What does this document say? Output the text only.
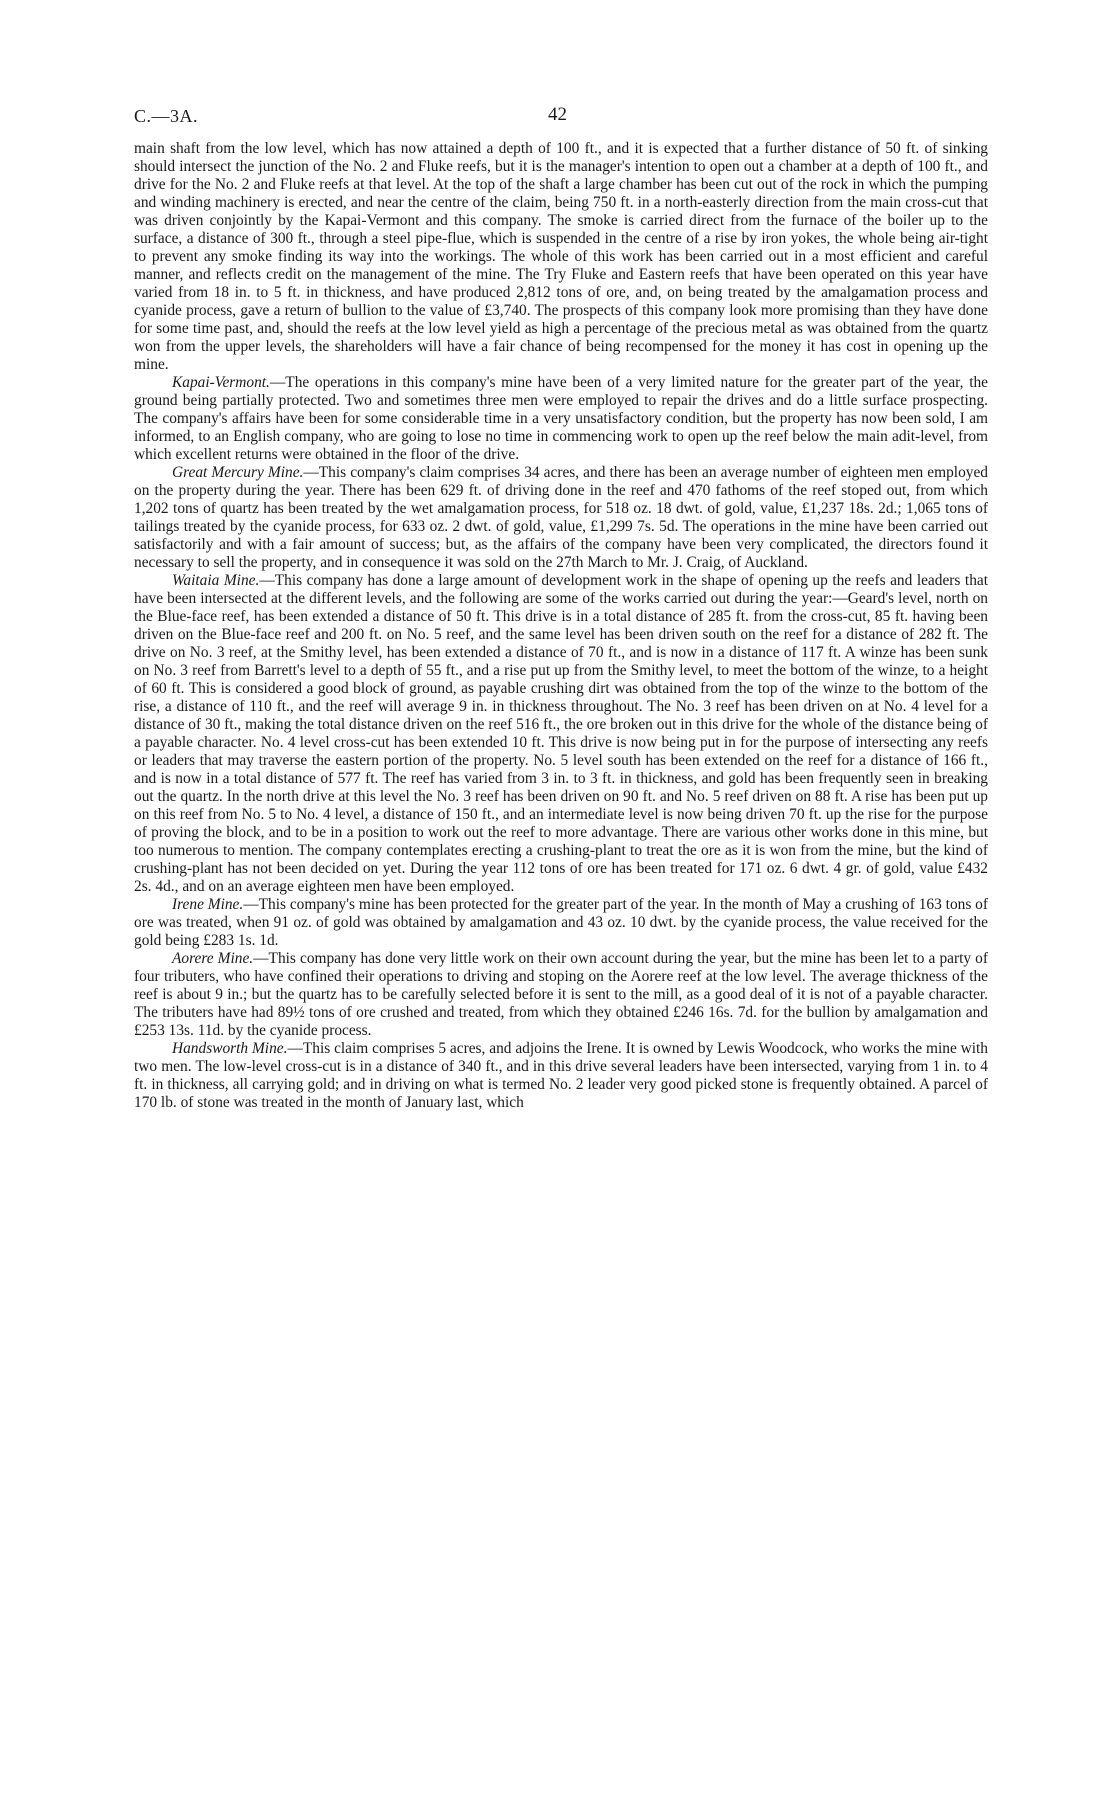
C.—3A.	42

main shaft from the low level, which has now attained a depth of 100 ft., and it is expected that a further distance of 50 ft. of sinking should intersect the junction of the No. 2 and Fluke reefs, but it is the manager's intention to open out a chamber at a depth of 100 ft., and drive for the No. 2 and Fluke reefs at that level. At the top of the shaft a large chamber has been cut out of the rock in which the pumping and winding machinery is erected, and near the centre of the claim, being 750 ft. in a north-easterly direction from the main cross-cut that was driven conjointly by the Kapai-Vermont and this company. The smoke is carried direct from the furnace of the boiler up to the surface, a distance of 300 ft., through a steel pipe-flue, which is suspended in the centre of a rise by iron yokes, the whole being air-tight to prevent any smoke finding its way into the workings. The whole of this work has been carried out in a most efficient and careful manner, and reflects credit on the management of the mine. The Try Fluke and Eastern reefs that have been operated on this year have varied from 18 in. to 5 ft. in thickness, and have produced 2,812 tons of ore, and, on being treated by the amalgamation process and cyanide process, gave a return of bullion to the value of £3,740. The prospects of this company look more promising than they have done for some time past, and, should the reefs at the low level yield as high a percentage of the precious metal as was obtained from the quartz won from the upper levels, the shareholders will have a fair chance of being recompensed for the money it has cost in opening up the mine.

Kapai-Vermont.—The operations in this company's mine have been of a very limited nature for the greater part of the year, the ground being partially protected. Two and sometimes three men were employed to repair the drives and do a little surface prospecting. The company's affairs have been for some considerable time in a very unsatisfactory condition, but the property has now been sold, I am informed, to an English company, who are going to lose no time in commencing work to open up the reef below the main adit-level, from which excellent returns were obtained in the floor of the drive.

Great Mercury Mine.—This company's claim comprises 34 acres, and there has been an average number of eighteen men employed on the property during the year. There has been 629 ft. of driving done in the reef and 470 fathoms of the reef stoped out, from which 1,202 tons of quartz has been treated by the wet amalgamation process, for 518 oz. 18 dwt. of gold, value, £1,237 18s. 2d.; 1,065 tons of tailings treated by the cyanide process, for 633 oz. 2 dwt. of gold, value, £1,299 7s. 5d. The operations in the mine have been carried out satisfactorily and with a fair amount of success; but, as the affairs of the company have been very complicated, the directors found it necessary to sell the property, and in consequence it was sold on the 27th March to Mr. J. Craig, of Auckland.

Waitaia Mine.—This company has done a large amount of development work in the shape of opening up the reefs and leaders that have been intersected at the different levels, and the following are some of the works carried out during the year:—Geard's level, north on the Blue-face reef, has been extended a distance of 50 ft. This drive is in a total distance of 285 ft. from the cross-cut, 85 ft. having been driven on the Blue-face reef and 200 ft. on No. 5 reef, and the same level has been driven south on the reef for a distance of 282 ft. The drive on No. 3 reef, at the Smithy level, has been extended a distance of 70 ft., and is now in a distance of 117 ft. A winze has been sunk on No. 3 reef from Barrett's level to a depth of 55 ft., and a rise put up from the Smithy level, to meet the bottom of the winze, to a height of 60 ft. This is considered a good block of ground, as payable crushing dirt was obtained from the top of the winze to the bottom of the rise, a distance of 110 ft., and the reef will average 9 in. in thickness throughout. The No. 3 reef has been driven on at No. 4 level for a distance of 30 ft., making the total distance driven on the reef 516 ft., the ore broken out in this drive for the whole of the distance being of a payable character. No. 4 level cross-cut has been extended 10 ft. This drive is now being put in for the purpose of intersecting any reefs or leaders that may traverse the eastern portion of the property. No. 5 level south has been extended on the reef for a distance of 166 ft., and is now in a total distance of 577 ft. The reef has varied from 3 in. to 3 ft. in thickness, and gold has been frequently seen in breaking out the quartz. In the north drive at this level the No. 3 reef has been driven on 90 ft. and No. 5 reef driven on 88 ft. A rise has been put up on this reef from No. 5 to No. 4 level, a distance of 150 ft., and an intermediate level is now being driven 70 ft. up the rise for the purpose of proving the block, and to be in a position to work out the reef to more advantage. There are various other works done in this mine, but too numerous to mention. The company contemplates erecting a crushing-plant to treat the ore as it is won from the mine, but the kind of crushing-plant has not been decided on yet. During the year 112 tons of ore has been treated for 171 oz. 6 dwt. 4 gr. of gold, value £432 2s. 4d., and on an average eighteen men have been employed.

Irene Mine.—This company's mine has been protected for the greater part of the year. In the month of May a crushing of 163 tons of ore was treated, when 91 oz. of gold was obtained by amalgamation and 43 oz. 10 dwt. by the cyanide process, the value received for the gold being £283 1s. 1d.

Aorere Mine.—This company has done very little work on their own account during the year, but the mine has been let to a party of four tributers, who have confined their operations to driving and stoping on the Aorere reef at the low level. The average thickness of the reef is about 9 in.; but the quartz has to be carefully selected before it is sent to the mill, as a good deal of it is not of a payable character. The tributers have had 89½ tons of ore crushed and treated, from which they obtained £246 16s. 7d. for the bullion by amalgamation and £253 13s. 11d. by the cyanide process.

Handsworth Mine.—This claim comprises 5 acres, and adjoins the Irene. It is owned by Lewis Woodcock, who works the mine with two men. The low-level cross-cut is in a distance of 340 ft., and in this drive several leaders have been intersected, varying from 1 in. to 4 ft. in thickness, all carrying gold; and in driving on what is termed No. 2 leader very good picked stone is frequently obtained. A parcel of 170 lb. of stone was treated in the month of January last, which
